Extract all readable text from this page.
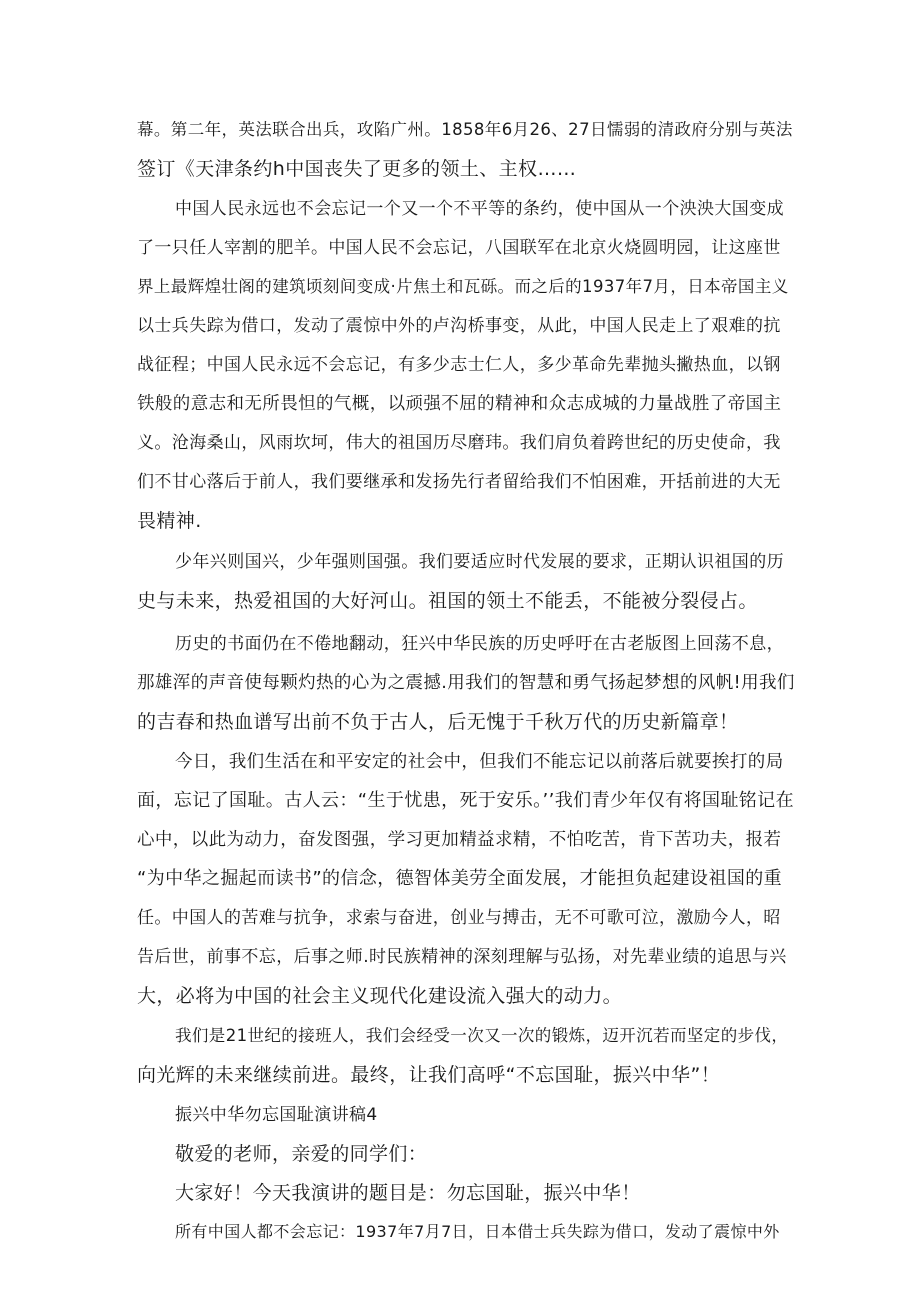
幕。第二年，英法联合出兵，攻陷广州。1858年6月26、27日懦弱的清政府分别与英法
签订《天津条约h中国丧失了更多的领土、主权……
中国人民永远也不会忘记一个又一个不平等的条约，使中国从一个泱泱大国变成
了一只任人宰割的肥羊。中国人民不会忘记，八国联军在北京火烧圆明园，让这座世
界上最辉煌壮阁的建筑顷刻间变成·片焦土和瓦砾。而之后的1937年7月，日本帝国主义
以士兵失踪为借口，发动了震惊中外的卢沟桥事变，从此，中国人民走上了艰难的抗
战征程；中国人民永远不会忘记，有多少志士仁人，多少革命先辈抛头撇热血，以钢
铁般的意志和无所畏怛的气概，以顽强不屈的精神和众志成城的力量战胜了帝国主
义。沧海桑山，风雨坎坷，伟大的祖国历尽磨玮。我们肩负着跨世纪的历史使命，我
们不甘心落后于前人，我们要继承和发扬先行者留给我们不怕困难，开括前进的大无
畏精神.
少年兴则国兴，少年强则国强。我们要适应时代发展的要求，正期认识祖国的历
史与未来，热爱祖国的大好河山。祖国的领土不能丢，不能被分裂侵占。
历史的书面仍在不倦地翻动，狂兴中华民族的历史呼吁在古老版图上回荡不息，
那雄浑的声音使每颗灼热的心为之震撼.用我们的智慧和勇气扬起梦想的风帆!用我们
的吉春和热血谱写出前不负于古人，后无愧于千秋万代的历史新篇章！
今日，我们生活在和平安定的社会中，但我们不能忘记以前落后就要挨打的局
面，忘记了国耻。古人云：“生于忧患，死于安乐。’’我们青少年仅有将国耻铭记在
心中，以此为动力，奋发图强，学习更加精益求精，不怕吃苦，肯下苦功夫，报若
“为中华之掘起而读书”的信念，德智体美劳全面发展，才能担负起建设祖国的重
任。中国人的苦难与抗争，求索与奋进，创业与搏击，无不可歌可泣，激励今人，昭
告后世，前事不忘，后事之师.时民族精神的深刻理解与弘扬，对先辈业绩的追思与兴
大，必将为中国的社会主义现代化建设流入强大的动力。
我们是21世纪的接班人，我们会经受一次又一次的锻炼，迈开沉若而坚定的步伐，
向光辉的未来继续前进。最终，让我们高呼“不忘国耻，振兴中华”！
振兴中华勿忘国耻演讲稿4
敬爱的老师，亲爱的同学们：
大家好！今天我演讲的题目是：勿忘国耻，振兴中华！
所有中国人都不会忘记：1937年7月7日，日本借士兵失踪为借口，发动了震惊中外
